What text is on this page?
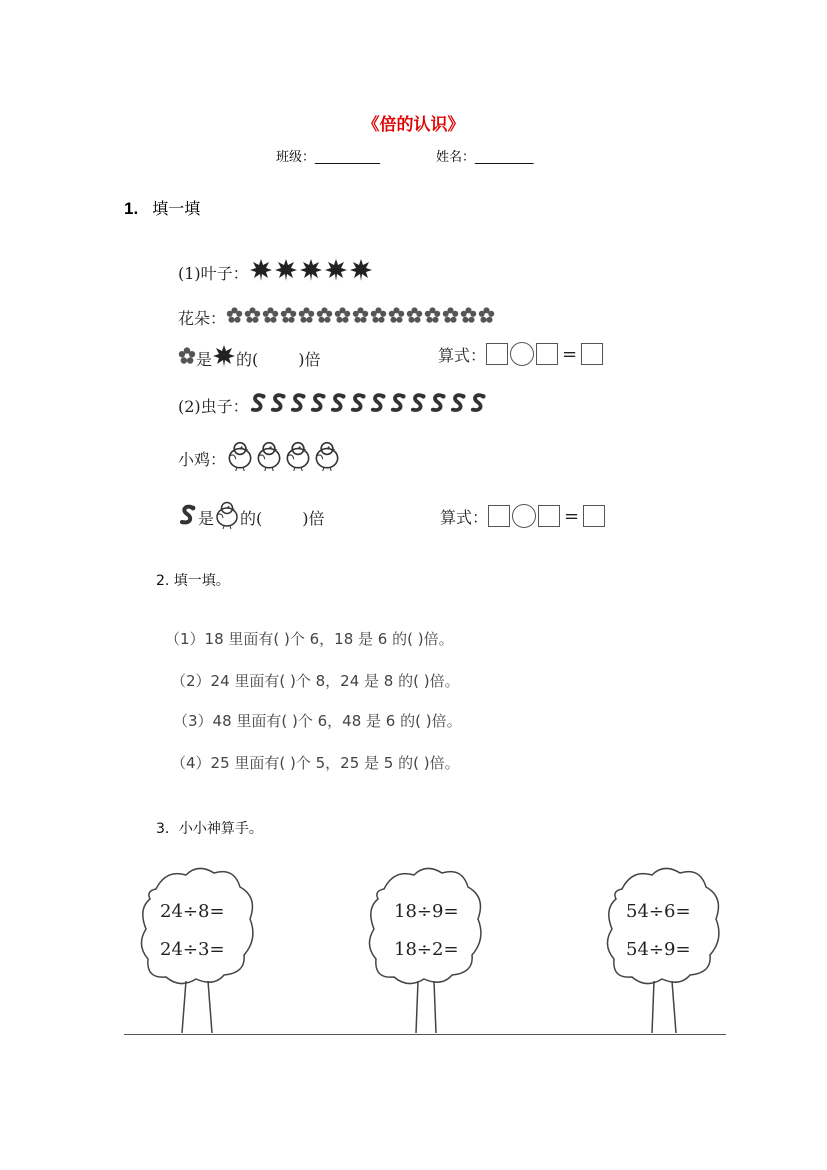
《倍的认识》
班级：__________	姓名：_________
1. 填一填
(1)叶子：
花朵：
是 的(	)倍	算式：	=
(2)虫子：
小鸡：
是 的(	)倍	算式：	=
2. 填一填。
（1）18 里面有( )个 6，18 是 6 的( )倍。
（2）24 里面有( )个 8，24 是 8 的( )倍。
（3）48 里面有( )个 6，48 是 6 的( )倍。
（4）25 里面有( )个 5，25 是 5 的( )倍。
3．小小神算手。
24÷8=
24÷3=
18÷9=
18÷2=
54÷6=
54÷9=
